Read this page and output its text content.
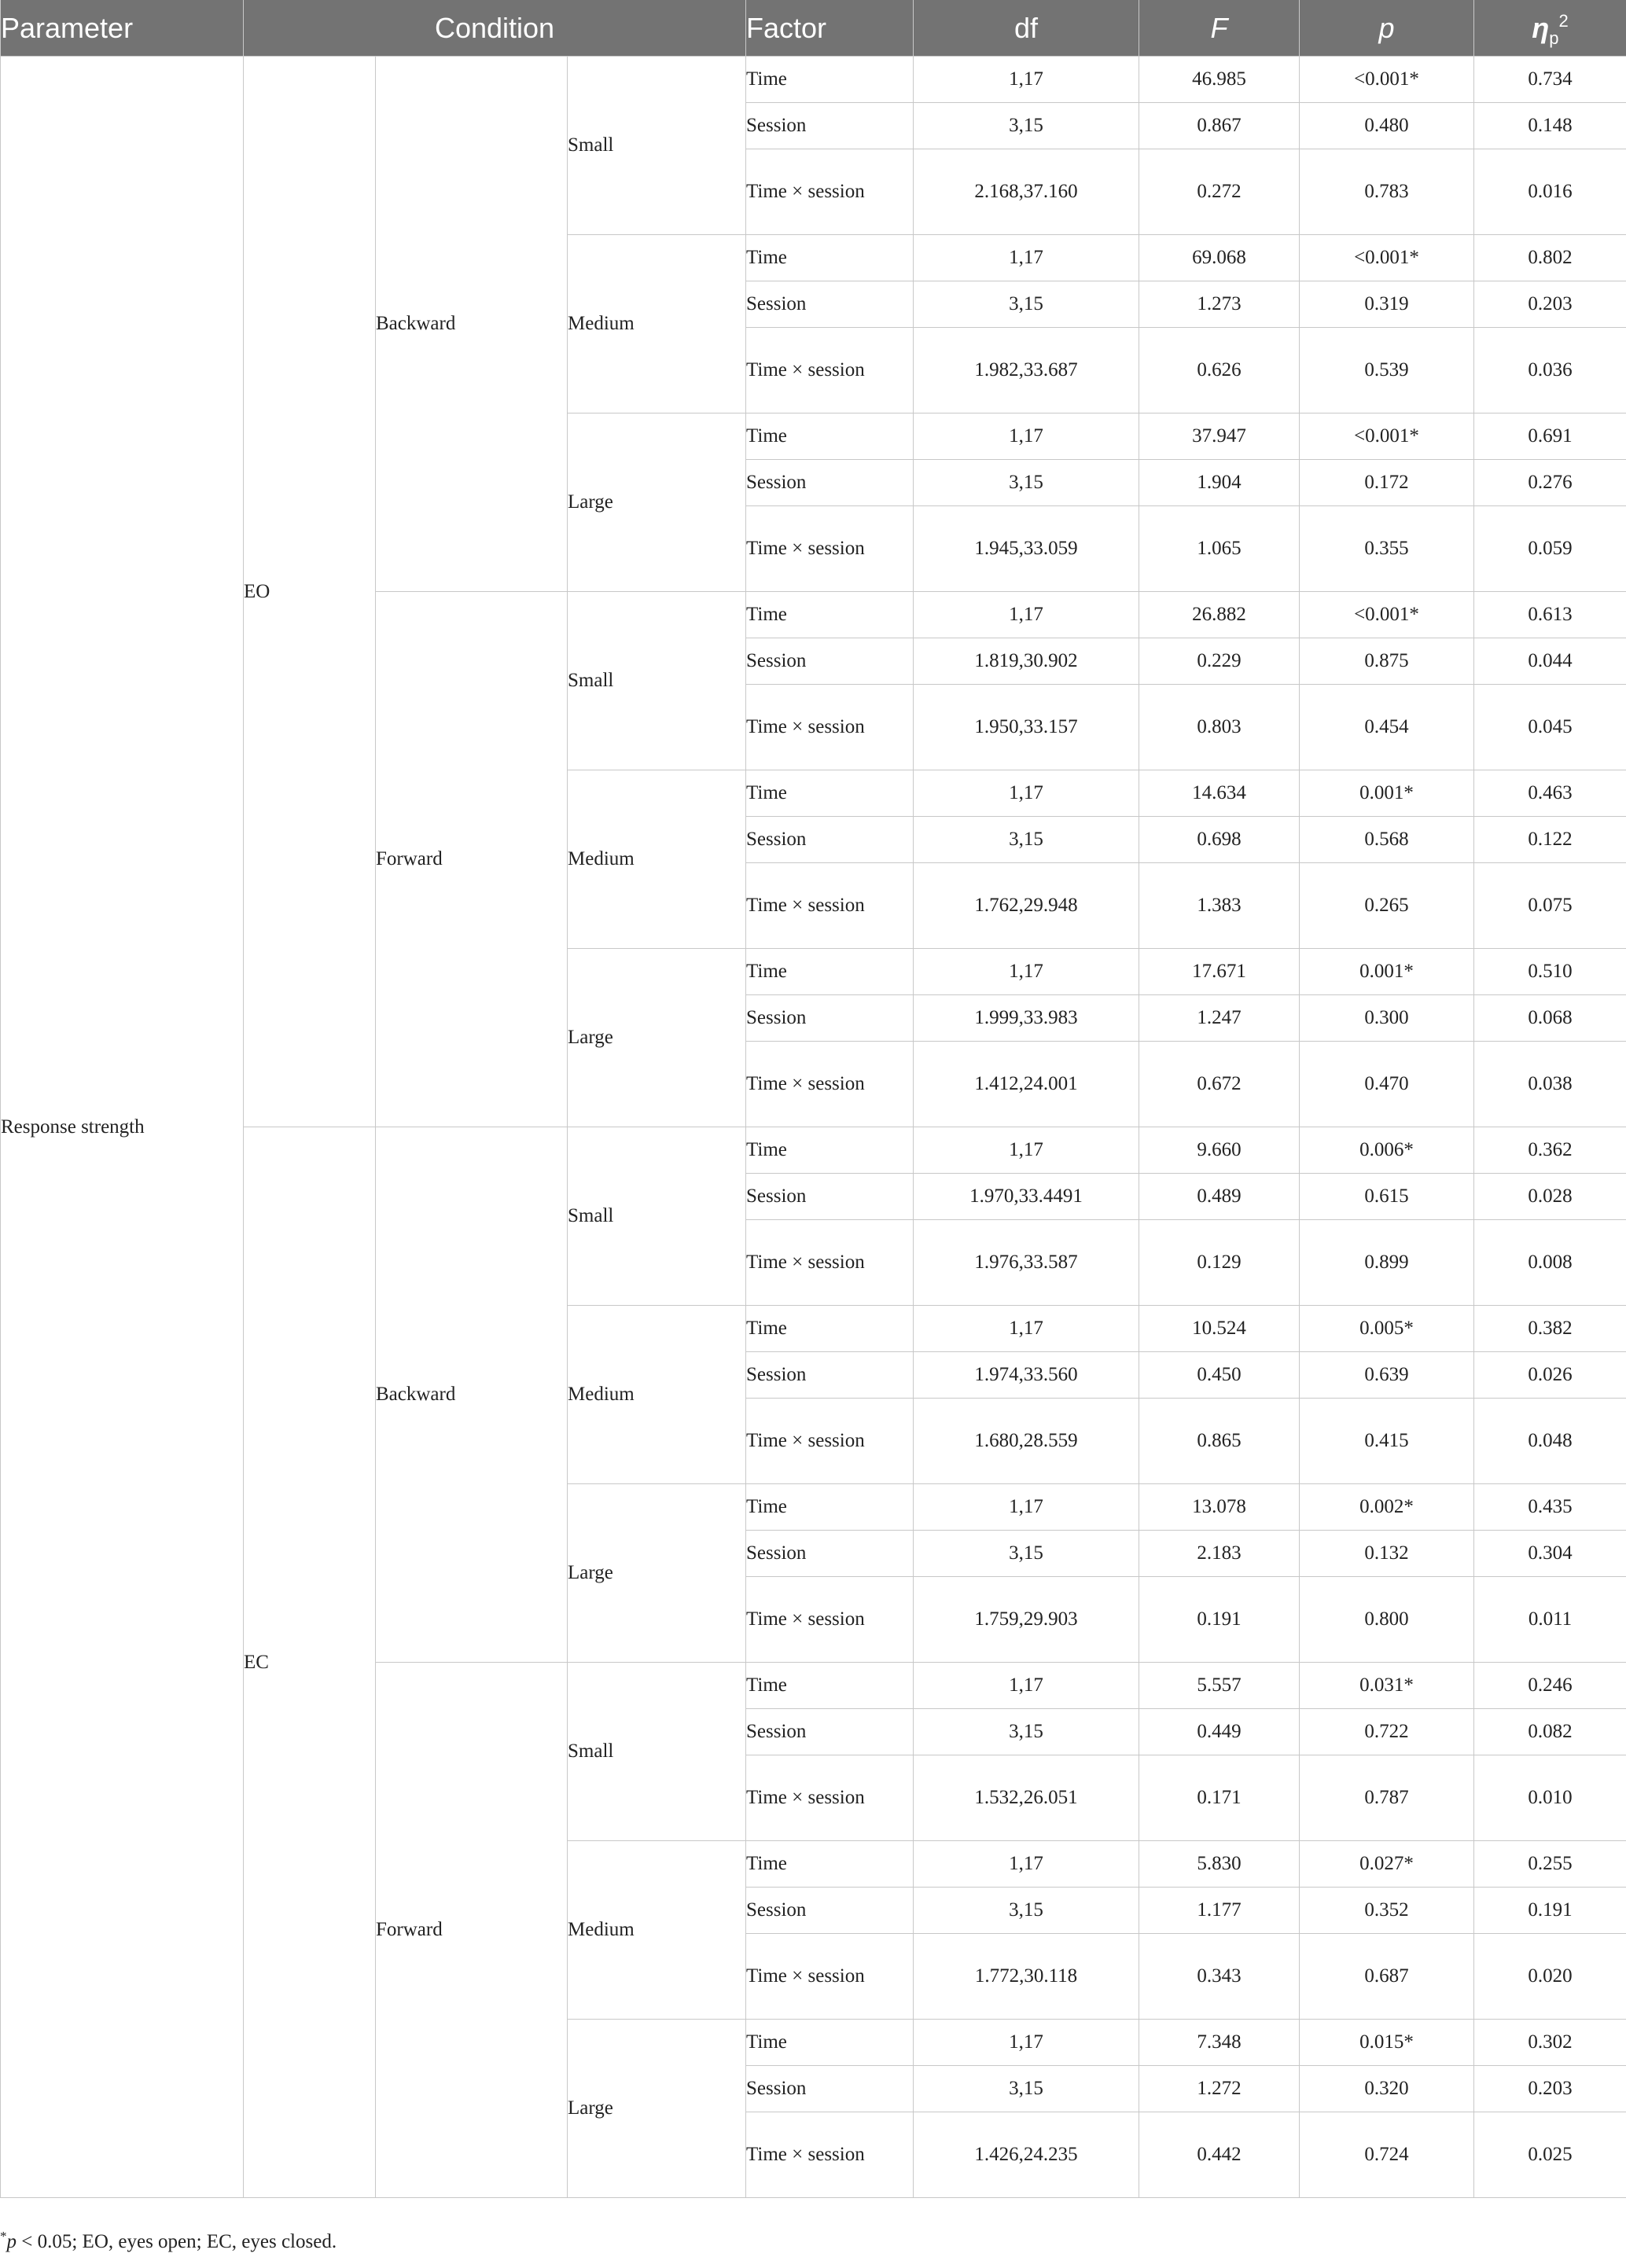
Parameter	Condition			Factor	df	F	p	$\eta_p^2$
Response strength	EO	Backward	Small	Time	1,17	46.985	<0.001*	0.734
				Session	3,15	0.867	0.480	0.148
				Time × session	2.168,37.160	0.272	0.783	0.016
			Medium	Time	1,17	69.068	<0.001*	0.802
				Session	3,15	1.273	0.319	0.203
				Time × session	1.982,33.687	0.626	0.539	0.036
			Large	Time	1,17	37.947	<0.001*	0.691
				Session	3,15	1.904	0.172	0.276
				Time × session	1.945,33.059	1.065	0.355	0.059
		Forward	Small	Time	1,17	26.882	<0.001*	0.613
				Session	1.819,30.902	0.229	0.875	0.044
				Time × session	1.950,33.157	0.803	0.454	0.045
			Medium	Time	1,17	14.634	0.001*	0.463
				Session	3,15	0.698	0.568	0.122
				Time × session	1.762,29.948	1.383	0.265	0.075
			Large	Time	1,17	17.671	0.001*	0.510
				Session	1.999,33.983	1.247	0.300	0.068
				Time × session	1.412,24.001	0.672	0.470	0.038
	EC	Backward	Small	Time	1,17	9.660	0.006*	0.362
				Session	1.970,33.4491	0.489	0.615	0.028
				Time × session	1.976,33.587	0.129	0.899	0.008
			Medium	Time	1,17	10.524	0.005*	0.382
				Session	1.974,33.560	0.450	0.639	0.026
				Time × session	1.680,28.559	0.865	0.415	0.048
			Large	Time	1,17	13.078	0.002*	0.435
				Session	3,15	2.183	0.132	0.304
				Time × session	1.759,29.903	0.191	0.800	0.011
		Forward	Small	Time	1,17	5.557	0.031*	0.246
				Session	3,15	0.449	0.722	0.082
				Time × session	1.532,26.051	0.171	0.787	0.010
			Medium	Time	1,17	5.830	0.027*	0.255
				Session	3,15	1.177	0.352	0.191
				Time × session	1.772,30.118	0.343	0.687	0.020
			Large	Time	1,17	7.348	0.015*	0.302
				Session	3,15	1.272	0.320	0.203
				Time × session	1.426,24.235	0.442	0.724	0.025
*p < 0.05; EO, eyes open; EC, eyes closed.
